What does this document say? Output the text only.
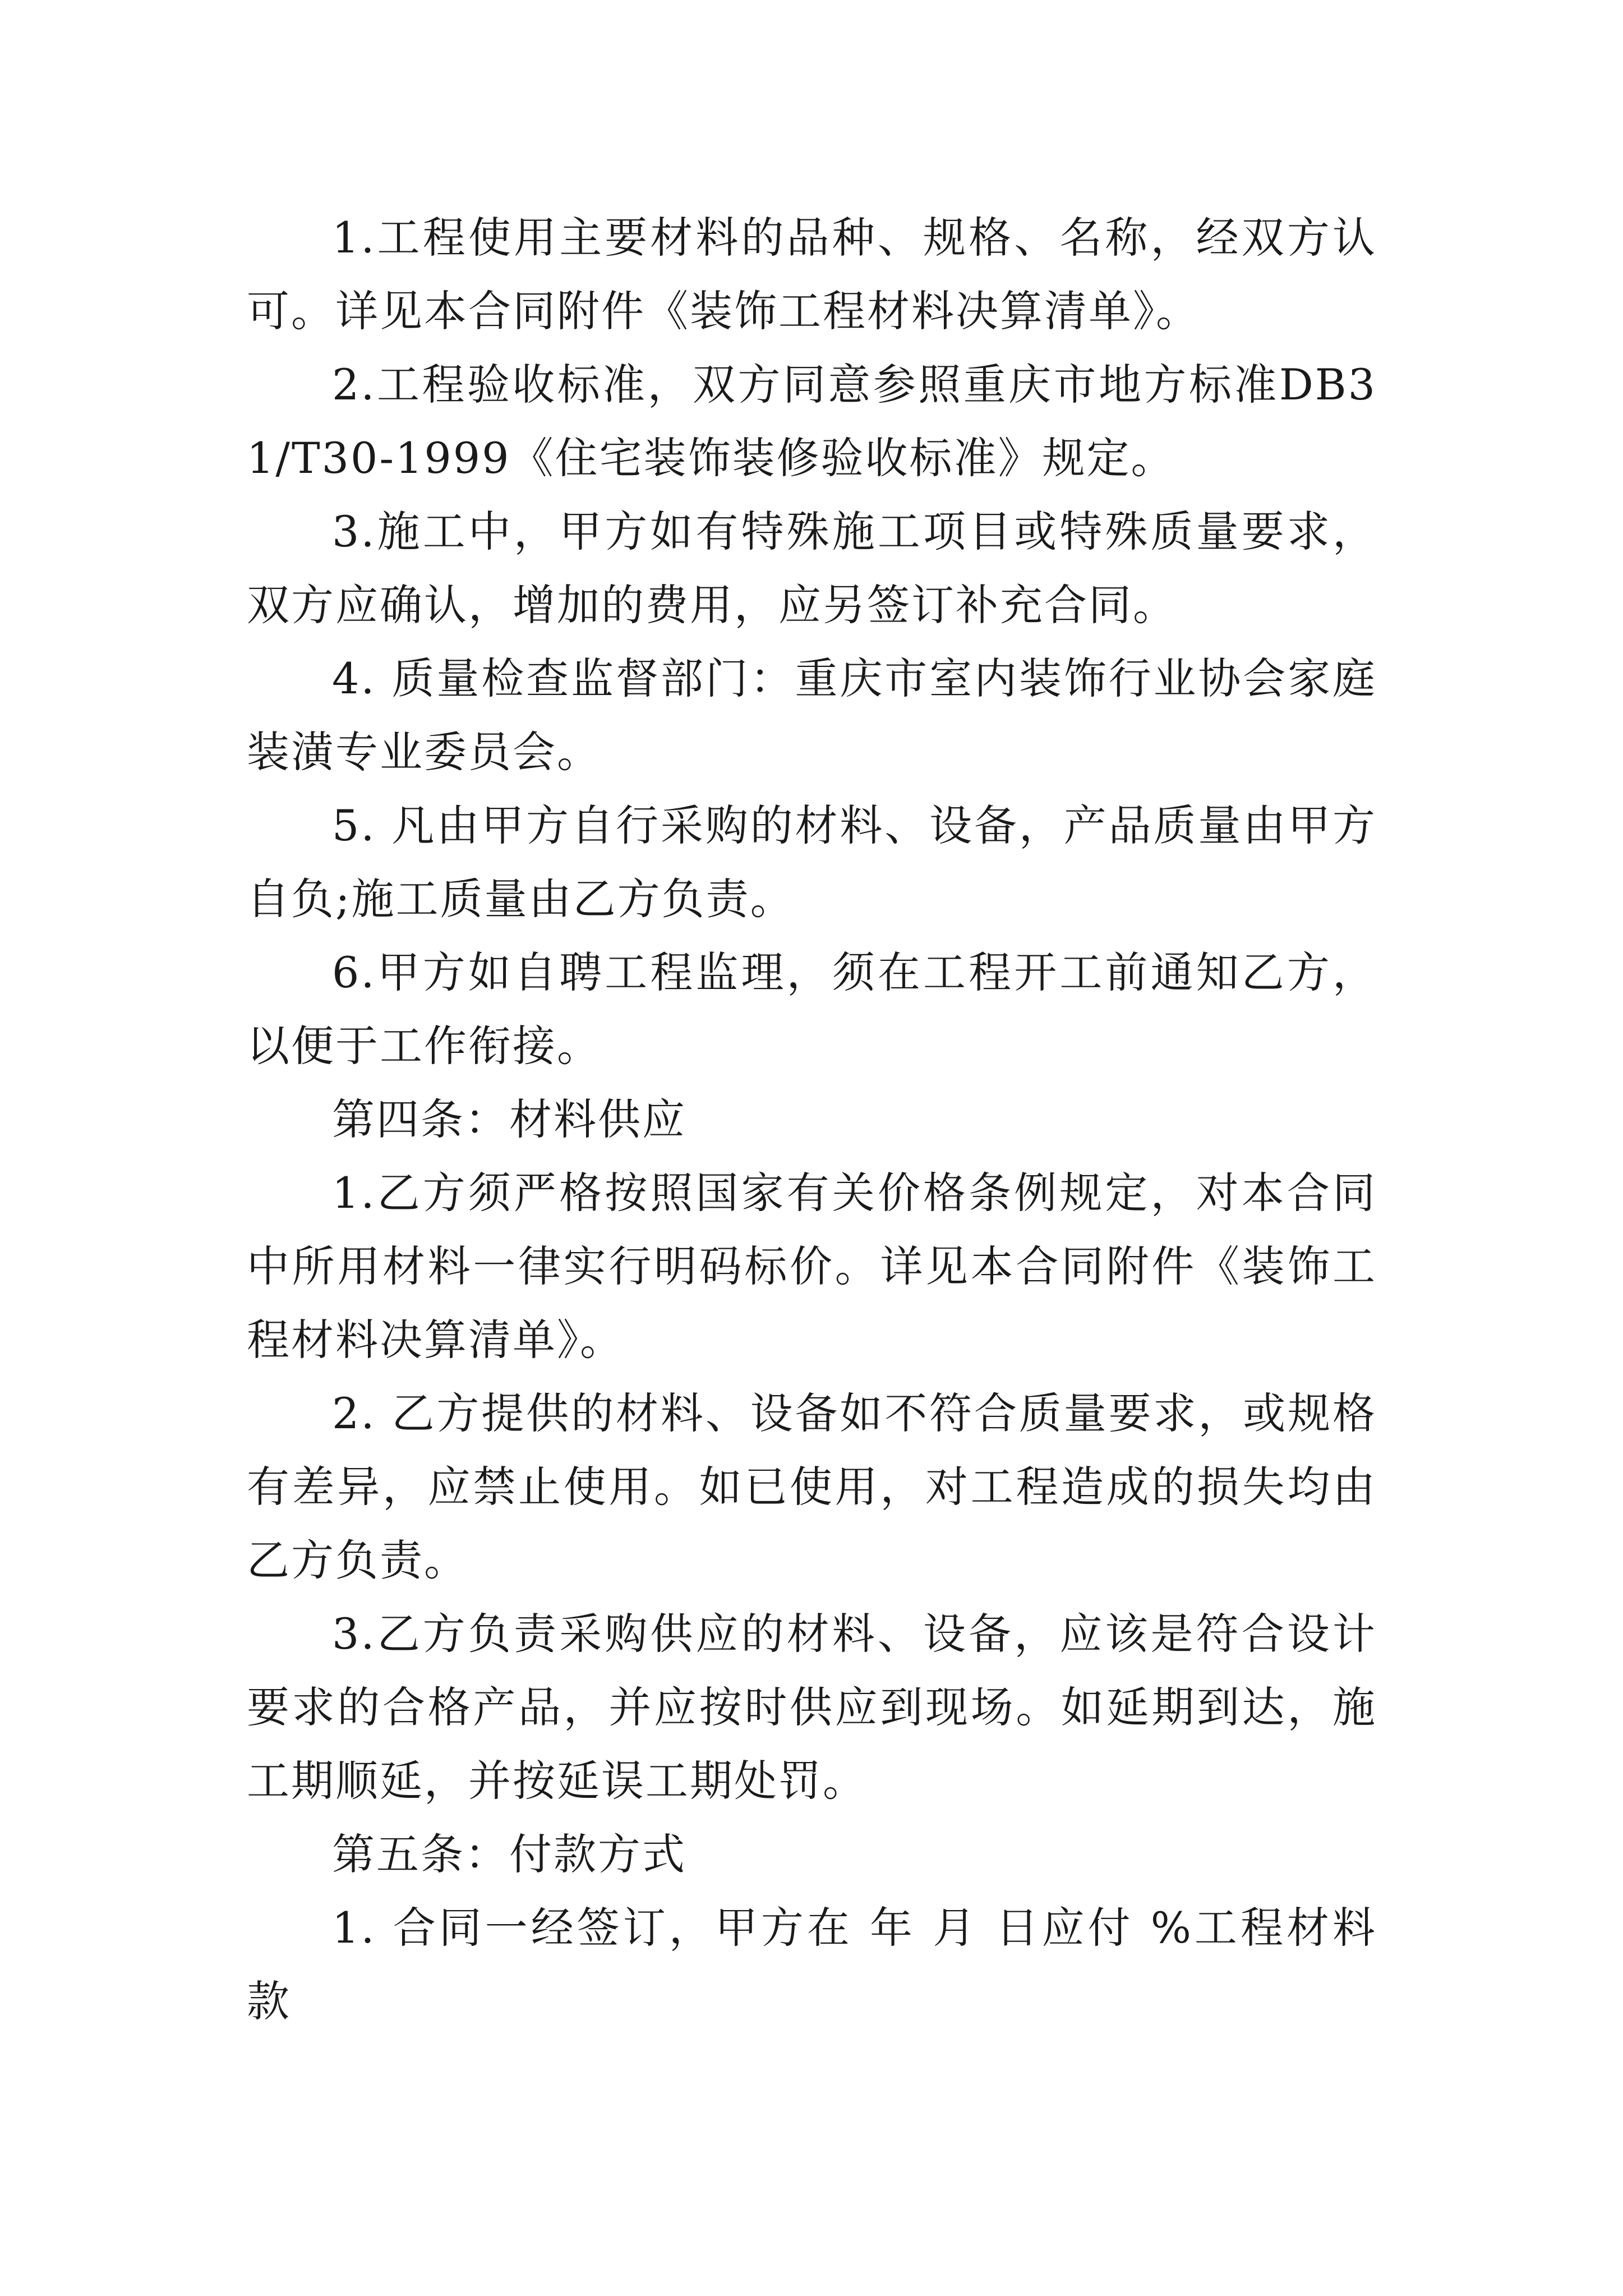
1.工程使用主要材料的品种、规格、名称，经双方认可。详见本合同附件《装饰工程材料决算清单》。

2.工程验收标准，双方同意参照重庆市地方标准DB31/T30-1999《住宅装饰装修验收标准》规定。

3.施工中，甲方如有特殊施工项目或特殊质量要求，双方应确认，增加的费用，应另签订补充合同。

4. 质量检查监督部门：重庆市室内装饰行业协会家庭装潢专业委员会。

5. 凡由甲方自行采购的材料、设备，产品质量由甲方自负;施工质量由乙方负责。

6.甲方如自聘工程监理，须在工程开工前通知乙方，以便于工作衔接。

第四条：材料供应

1.乙方须严格按照国家有关价格条例规定，对本合同中所用材料一律实行明码标价。详见本合同附件《装饰工程材料决算清单》。

2. 乙方提供的材料、设备如不符合质量要求，或规格有差异，应禁止使用。如已使用，对工程造成的损失均由乙方负责。

3.乙方负责采购供应的材料、设备，应该是符合设计要求的合格产品，并应按时供应到现场。如延期到达，施工期顺延，并按延误工期处罚。

第五条：付款方式

1. 合同一经签订，甲方在 年 月 日应付 %工程材料款
